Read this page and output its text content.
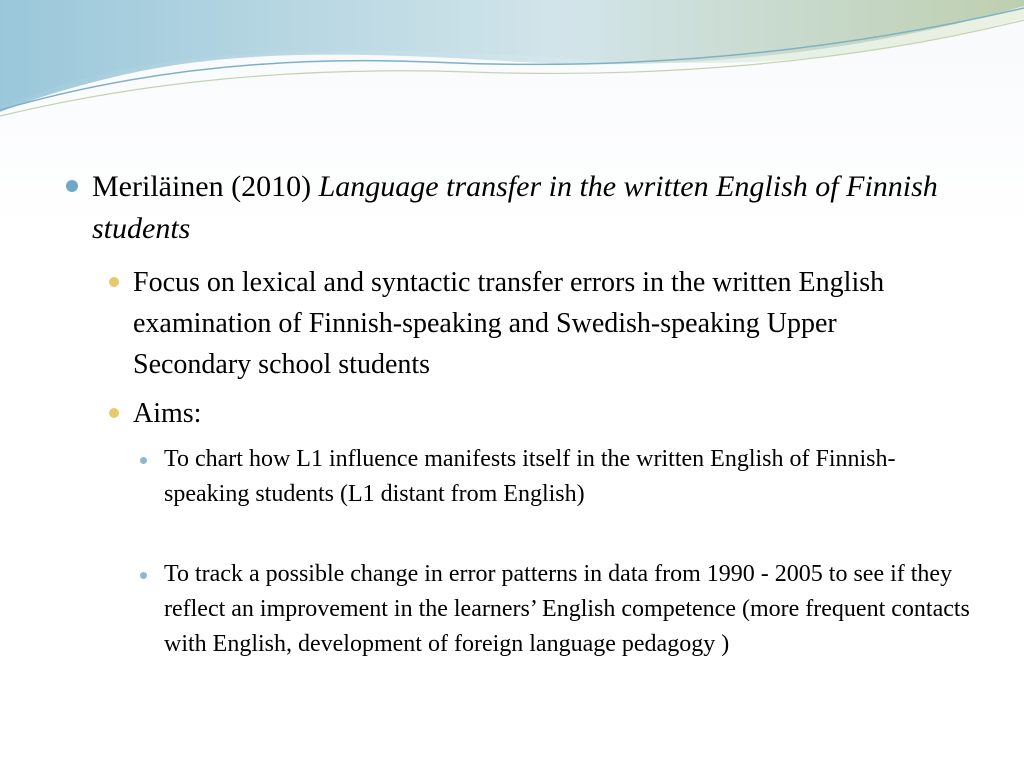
Meriläinen (2010) Language transfer in the written English of Finnish students

Focus on lexical and syntactic transfer errors in the written English examination of Finnish-speaking and Swedish-speaking Upper Secondary school students

Aims:

To chart how L1 influence manifests itself in the written English of Finnish-speaking students (L1 distant from English)

To track a possible change in error patterns in data from 1990 - 2005 to see if they reflect an improvement in the learners’ English competence (more frequent contacts with English, development of foreign language pedagogy )
